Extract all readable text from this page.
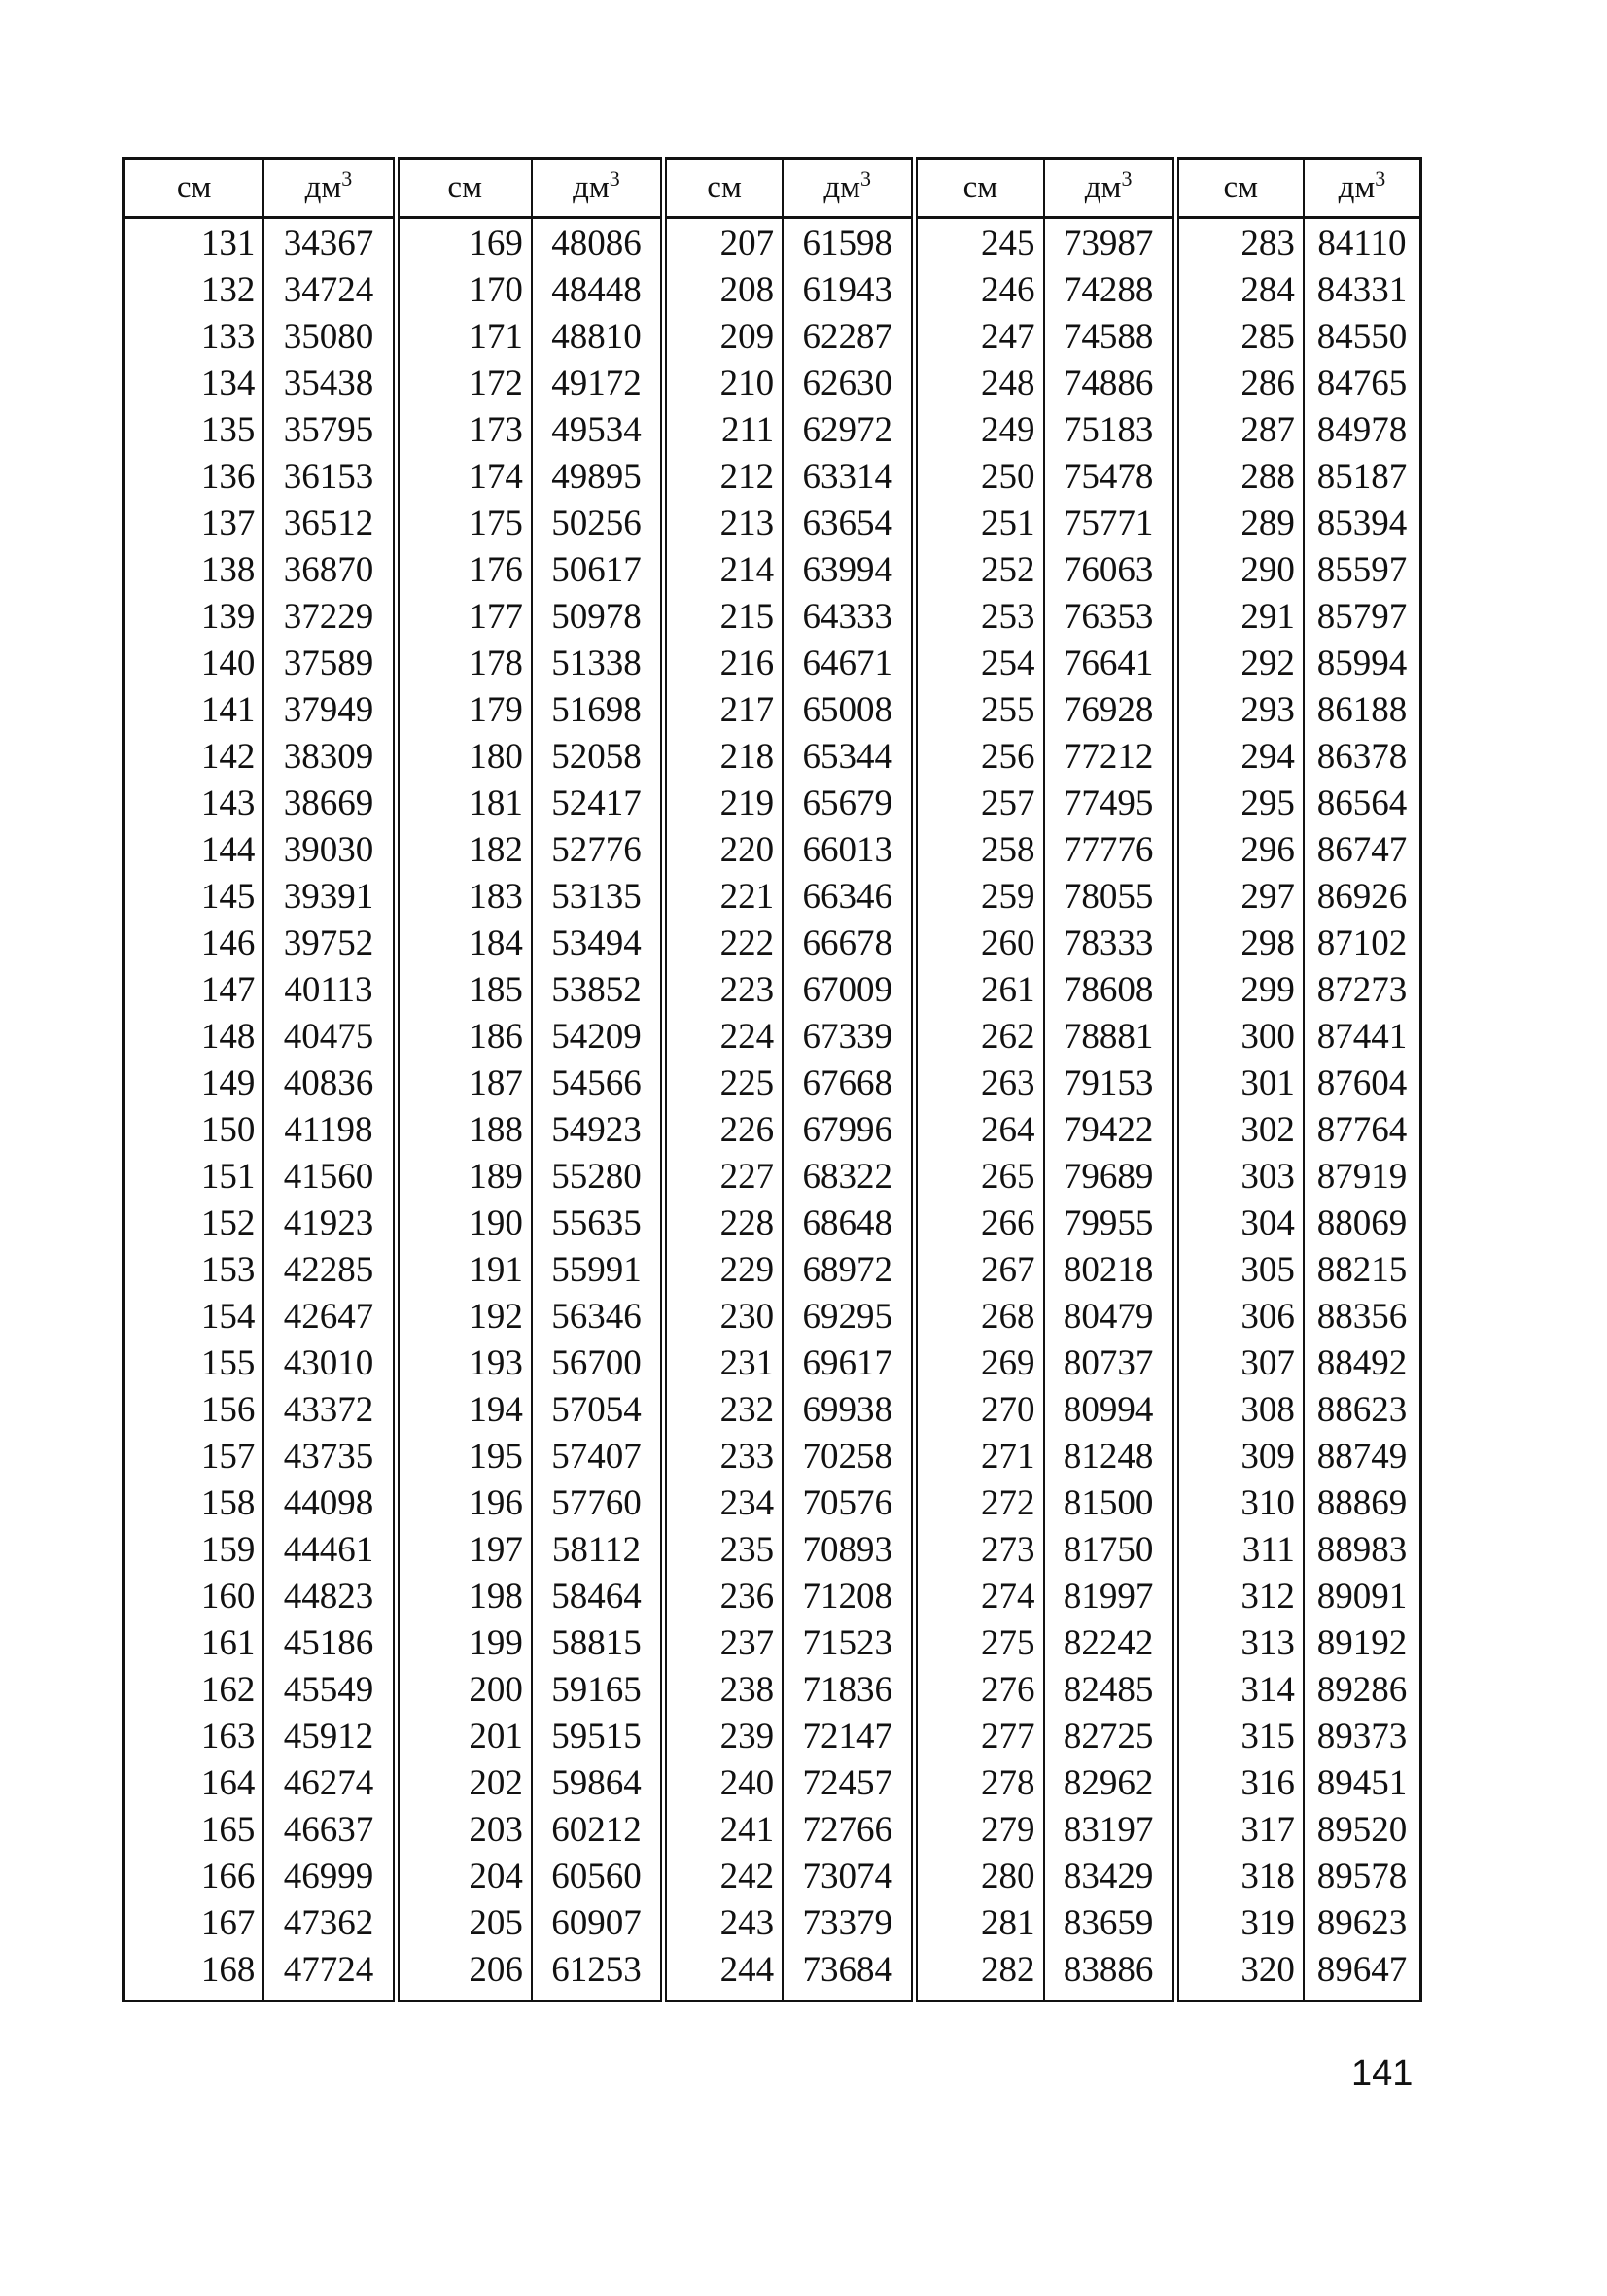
см	$дм^3$	см	$дм^3$	см	$дм^3$	см	$дм^3$	см	$дм^3$
131	34367	169	48086	207	61598	245	73987	283	84110
132	34724	170	48448	208	61943	246	74288	284	84331
133	35080	171	48810	209	62287	247	74588	285	84550
134	35438	172	49172	210	62630	248	74886	286	84765
135	35795	173	49534	211	62972	249	75183	287	84978
136	36153	174	49895	212	63314	250	75478	288	85187
137	36512	175	50256	213	63654	251	75771	289	85394
138	36870	176	50617	214	63994	252	76063	290	85597
139	37229	177	50978	215	64333	253	76353	291	85797
140	37589	178	51338	216	64671	254	76641	292	85994
141	37949	179	51698	217	65008	255	76928	293	86188
142	38309	180	52058	218	65344	256	77212	294	86378
143	38669	181	52417	219	65679	257	77495	295	86564
144	39030	182	52776	220	66013	258	77776	296	86747
145	39391	183	53135	221	66346	259	78055	297	86926
146	39752	184	53494	222	66678	260	78333	298	87102
147	40113	185	53852	223	67009	261	78608	299	87273
148	40475	186	54209	224	67339	262	78881	300	87441
149	40836	187	54566	225	67668	263	79153	301	87604
150	41198	188	54923	226	67996	264	79422	302	87764
151	41560	189	55280	227	68322	265	79689	303	87919
152	41923	190	55635	228	68648	266	79955	304	88069
153	42285	191	55991	229	68972	267	80218	305	88215
154	42647	192	56346	230	69295	268	80479	306	88356
155	43010	193	56700	231	69617	269	80737	307	88492
156	43372	194	57054	232	69938	270	80994	308	88623
157	43735	195	57407	233	70258	271	81248	309	88749
158	44098	196	57760	234	70576	272	81500	310	88869
159	44461	197	58112	235	70893	273	81750	311	88983
160	44823	198	58464	236	71208	274	81997	312	89091
161	45186	199	58815	237	71523	275	82242	313	89192
162	45549	200	59165	238	71836	276	82485	314	89286
163	45912	201	59515	239	72147	277	82725	315	89373
164	46274	202	59864	240	72457	278	82962	316	89451
165	46637	203	60212	241	72766	279	83197	317	89520
166	46999	204	60560	242	73074	280	83429	318	89578
167	47362	205	60907	243	73379	281	83659	319	89623
168	47724	206	61253	244	73684	282	83886	320	89647
141
